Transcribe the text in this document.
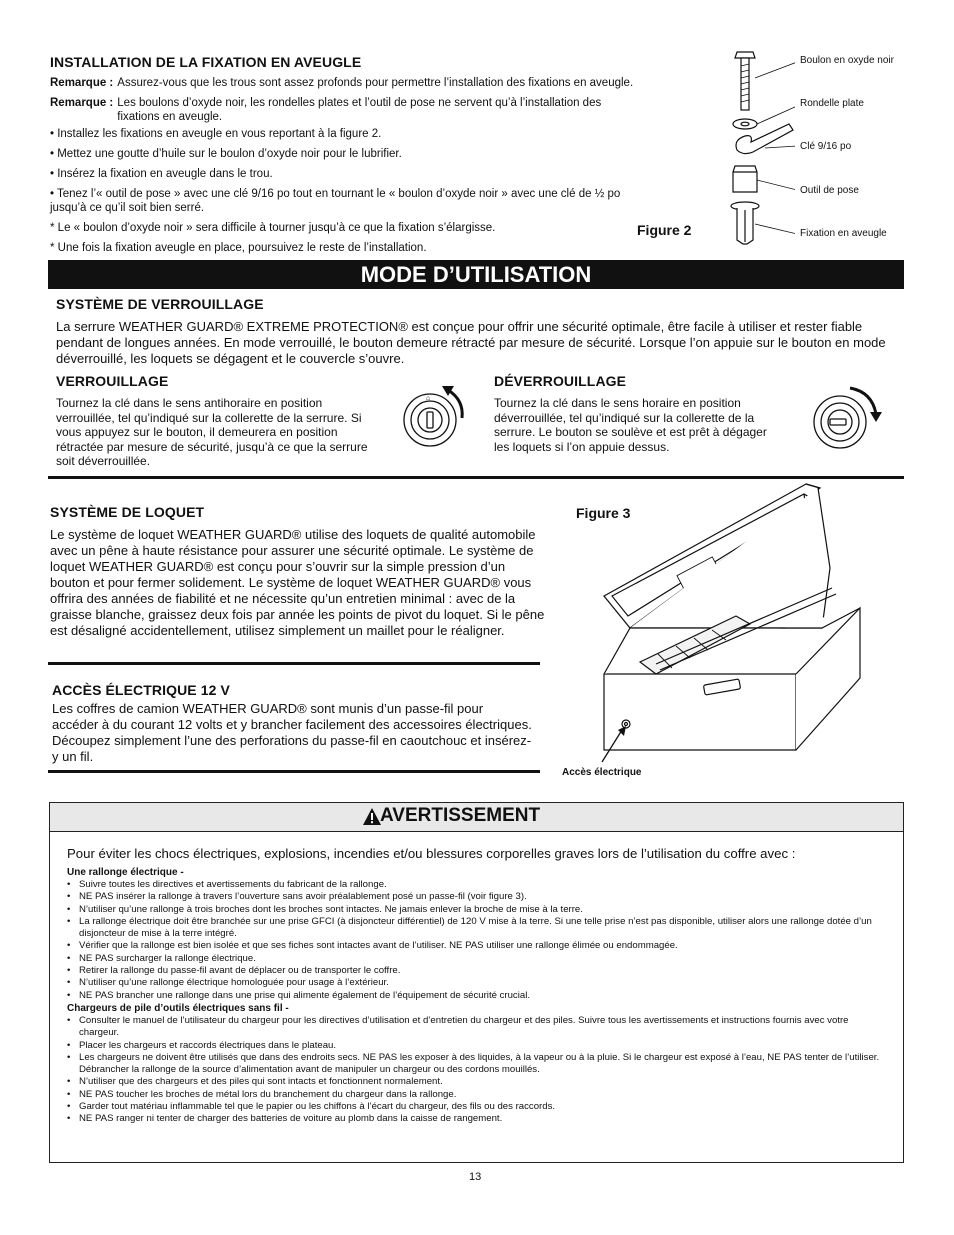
INSTALLATION DE LA FIXATION EN AVEUGLE
Remarque : Assurez-vous que les trous sont assez profonds pour permettre l’installation des fixations en aveugle.
Remarque : Les boulons d’oxyde noir, les rondelles plates et l’outil de pose ne servent qu’à l’installation des fixations en aveugle.

• Installez les fixations en aveugle en vous reportant à la figure 2.

• Mettez une goutte d’huile sur le boulon d’oxyde noir pour le lubrifier.

• Insérez la fixation en aveugle dans le trou.

• Tenez l’« outil de pose » avec une clé 9/16 po tout en tournant le « boulon d’oxyde noir » avec une clé de ½ po jusqu’à ce qu’il soit bien serré.

* Le « boulon d’oxyde noir » sera difficile à tourner jusqu’à ce que la fixation s’élargisse.

* Une fois la fixation aveugle en place, poursuivez le reste de l’installation.

Figure 2
Boulon en oxyde noir
Rondelle plate
Clé 9/16 po
Outil de pose
Fixation en aveugle
MODE D’UTILISATION
SYSTÈME DE VERROUILLAGE
La serrure WEATHER GUARD® EXTREME PROTECTION® est conçue pour offrir une sécurité optimale, être facile à utiliser et rester fiable pendant de longues années. En mode verrouillé, le bouton demeure rétracté par mesure de sécurité. Lorsque l’on appuie sur le bouton en mode déverrouillé, les loquets se dégagent et le couvercle s’ouvre.
VERROUILLAGE
Tournez la clé dans le sens antihoraire en position verrouillée, tel qu’indiqué sur la collerette de la serrure. Si vous appuyez sur le bouton, il demeurera en position rétractée par mesure de sécurité, jusqu’à ce que la serrure soit déverrouillée.
⌂
DÉVERROUILLAGE
Tournez la clé dans le sens horaire en position déverrouillée, tel qu’indiqué sur la collerette de la serrure. Le bouton se soulève et est prêt à dégager les loquets si l’on appuie dessus.
SYSTÈME DE LOQUET
Le système de loquet WEATHER GUARD® utilise des loquets de qualité automobile avec un pêne à haute résistance pour assurer une sécurité optimale. Le système de loquet WEATHER GUARD® est conçu pour s’ouvrir sur la simple pression d’un bouton et pour fermer solidement. Le système de loquet WEATHER GUARD® vous offrira des années de fiabilité et ne nécessite qu’un entretien minimal : avec de la graisse blanche, graissez deux fois par année les points de pivot du loquet. Si le pêne est désaligné accidentellement, utilisez simplement un maillet pour le réaligner.
ACCÈS ÉLECTRIQUE 12 V
Les coffres de camion WEATHER GUARD® sont munis d’un passe-fil pour accéder à du courant 12 volts et y brancher facilement des accessoires électriques. Découpez simplement l’une des perforations du passe-fil en caoutchouc et insérez-y un fil.
Figure 3
Accès électrique
AVERTISSEMENT
Pour éviter les chocs électriques, explosions, incendies et/ou blessures corporelles graves lors de l’utilisation du coffre avec :
Une rallonge électrique -
• Suivre toutes les directives et avertissements du fabricant de la rallonge.
• NE PAS insérer la rallonge à travers l’ouverture sans avoir préalablement posé un passe-fil (voir figure 3).
• N’utiliser qu’une rallonge à trois broches dont les broches sont intactes. Ne jamais enlever la broche de mise à la terre.
• La rallonge électrique doit être branchée sur une prise GFCI (à disjoncteur différentiel) de 120 V mise à la terre. Si une telle prise n’est pas disponible, utiliser alors une rallonge dotée d’un disjoncteur de mise à la terre intégré.
• Vérifier que la rallonge est bien isolée et que ses fiches sont intactes avant de l’utiliser. NE PAS utiliser une rallonge élimée ou endommagée.
• NE PAS surcharger la rallonge électrique.
• Retirer la rallonge du passe-fil avant de déplacer ou de transporter le coffre.
• N’utiliser qu’une rallonge électrique homologuée pour usage à l’extérieur.
• NE PAS brancher une rallonge dans une prise qui alimente également de l’équipement de sécurité crucial.
Chargeurs de pile d’outils électriques sans fil -
• Consulter le manuel de l’utilisateur du chargeur pour les directives d’utilisation et d’entretien du chargeur et des piles. Suivre tous les avertissements et instructions fournis avec votre chargeur.
• Placer les chargeurs et raccords électriques dans le plateau.
• Les chargeurs ne doivent être utilisés que dans des endroits secs. NE PAS les exposer à des liquides, à la vapeur ou à la pluie. Si le chargeur est exposé à l’eau, NE PAS tenter de l’utiliser. Débrancher la rallonge de la source d’alimentation avant de manipuler un chargeur ou des cordons mouillés.
• N’utiliser que des chargeurs et des piles qui sont intacts et fonctionnent normalement.
• NE PAS toucher les broches de métal lors du branchement du chargeur dans la rallonge.
• Garder tout matériau inflammable tel que le papier ou les chiffons à l’écart du chargeur, des fils ou des raccords.
• NE PAS ranger ni tenter de charger des batteries de voiture au plomb dans la caisse de rangement.
13
